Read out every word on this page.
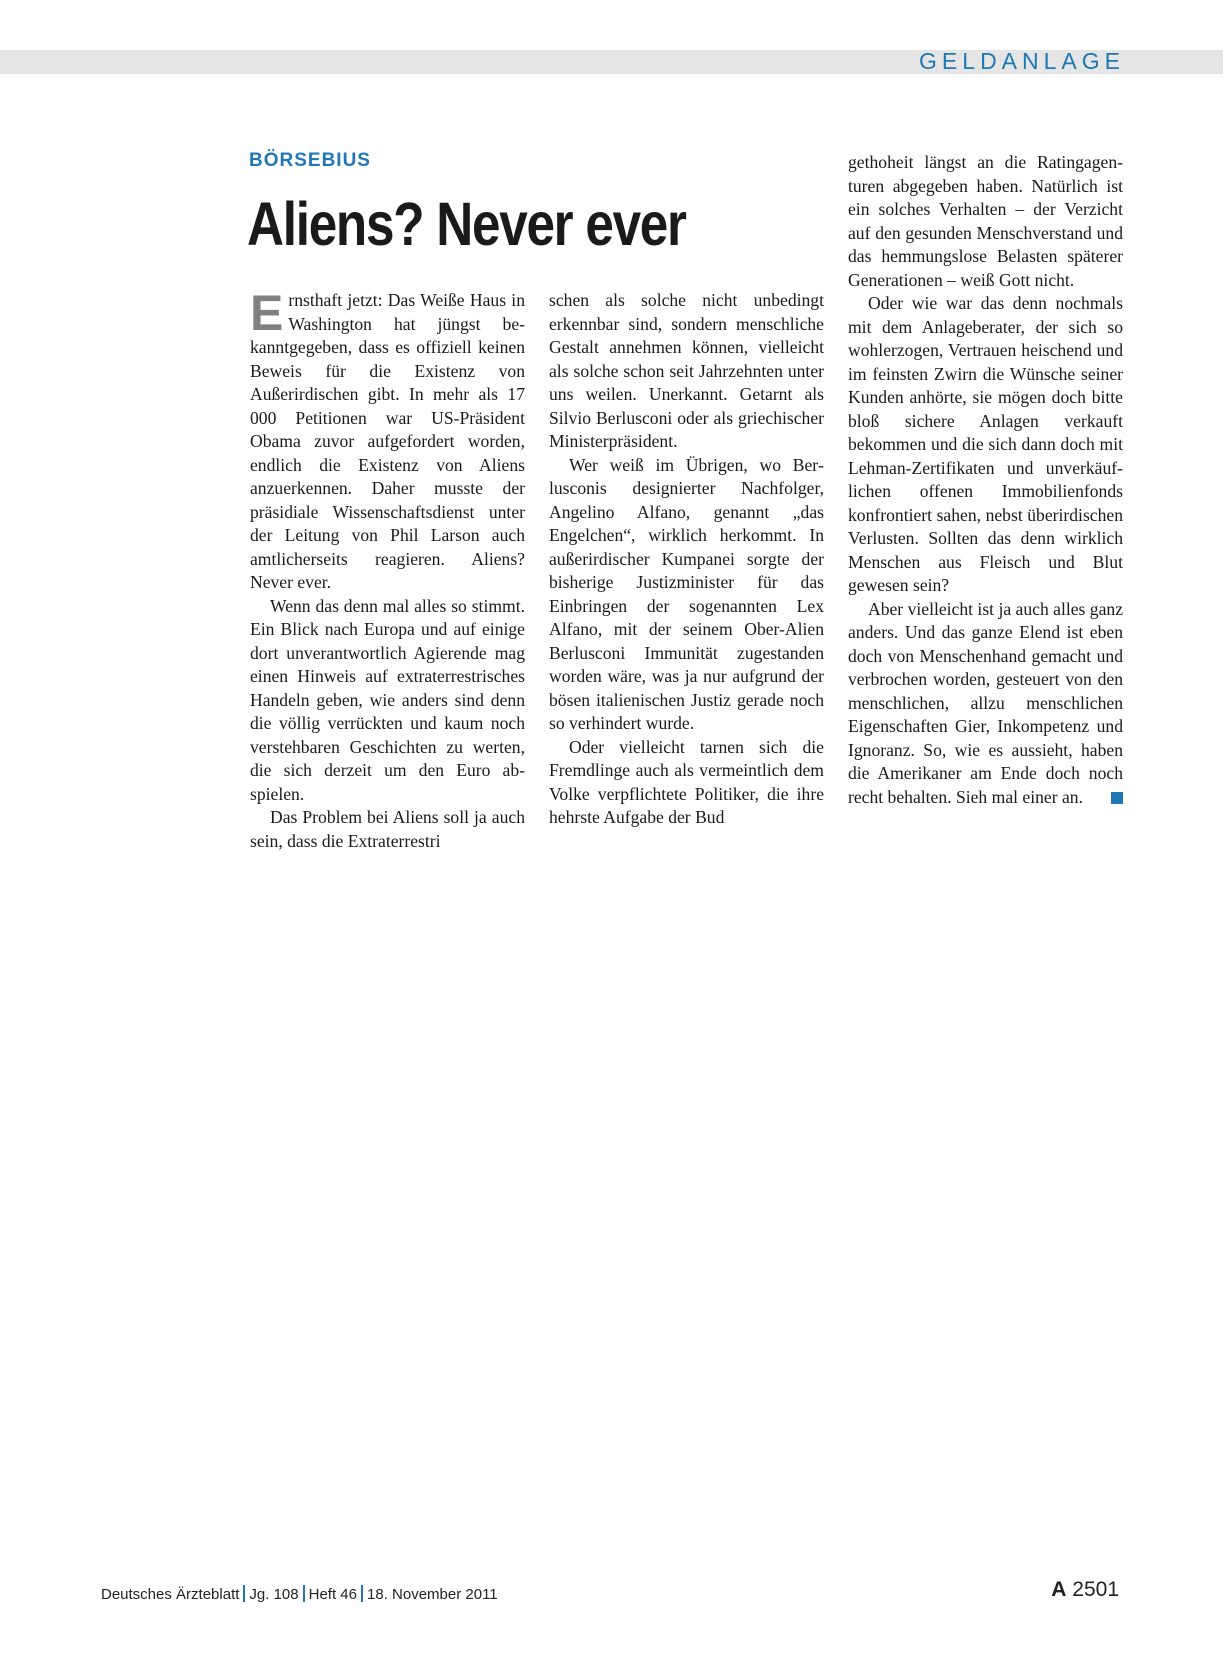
GELDANLAGE
BÖRSEBIUS
Aliens? Never ever

Ernsthaft jetzt: Das Weiße Haus in Washington hat jüngst bekanntgegeben, dass es offiziell keinen Beweis für die Existenz von Außerirdischen gibt. In mehr als 17 000 Petitionen war US-Präsident Obama zuvor aufgefordert worden, endlich die Existenz von Aliens anzuerkennen. Daher musste der präsidiale Wissenschaftsdienst unter der Leitung von Phil Larson auch amtlicherseits reagieren. Aliens? Never ever.

Wenn das denn mal alles so stimmt. Ein Blick nach Europa und auf einige dort unverantwortlich Agierende mag einen Hinweis auf extraterrestrisches Handeln geben, wie anders sind denn die völlig verrückten und kaum noch verstehbaren Geschichten zu werten, die sich derzeit um den Euro abspielen.

Das Problem bei Aliens soll ja auch sein, dass die Extraterrestri

schen als solche nicht unbedingt erkennbar sind, sondern menschliche Gestalt annehmen können, vielleicht als solche schon seit Jahrzehnten unter uns weilen. Unerkannt. Getarnt als Silvio Berlusconi oder als griechischer Ministerpräsident.

Wer weiß im Übrigen, wo Berlusconis designierter Nachfolger, Angelino Alfano, genannt „das Engelchen“, wirklich herkommt. In außerirdischer Kumpanei sorgte der bisherige Justizminister für das Einbringen der sogenannten Lex Alfano, mit der seinem Ober-Alien Berlusconi Immunität zugestanden worden wäre, was ja nur aufgrund der bösen italienischen Justiz gerade noch so verhindert wurde.

Oder vielleicht tarnen sich die Fremdlinge auch als vermeintlich dem Volke verpflichtete Politiker, die ihre hehrste Aufgabe der Bud

gethoheit längst an die Ratingagenturen abgegeben haben. Natürlich ist ein solches Verhalten – der Verzicht auf den gesunden Menschverstand und das hemmungslose Belasten späterer Generationen – weiß Gott nicht.

Oder wie war das denn nochmals mit dem Anlageberater, der sich so wohlerzogen, Vertrauen heischend und im feinsten Zwirn die Wünsche seiner Kunden anhörte, sie mögen doch bitte bloß sichere Anlagen verkauft bekommen und die sich dann doch mit Lehman-Zertifikaten und unverkäuflichen offenen Immobilienfonds konfrontiert sahen, nebst überirdischen Verlusten. Sollten das denn wirklich Menschen aus Fleisch und Blut gewesen sein?

Aber vielleicht ist ja auch alles ganz anders. Und das ganze Elend ist eben doch von Menschenhand gemacht und verbrochen worden, gesteuert von den menschlichen, allzu menschlichen Eigenschaften Gier, Inkompetenz und Ignoranz. So, wie es aussieht, haben die Amerikaner am Ende doch noch recht behalten. Sieh mal einer an.

Deutsches Ärzteblatt Jg. 108 Heft 46 18. November 2011	A 2501
